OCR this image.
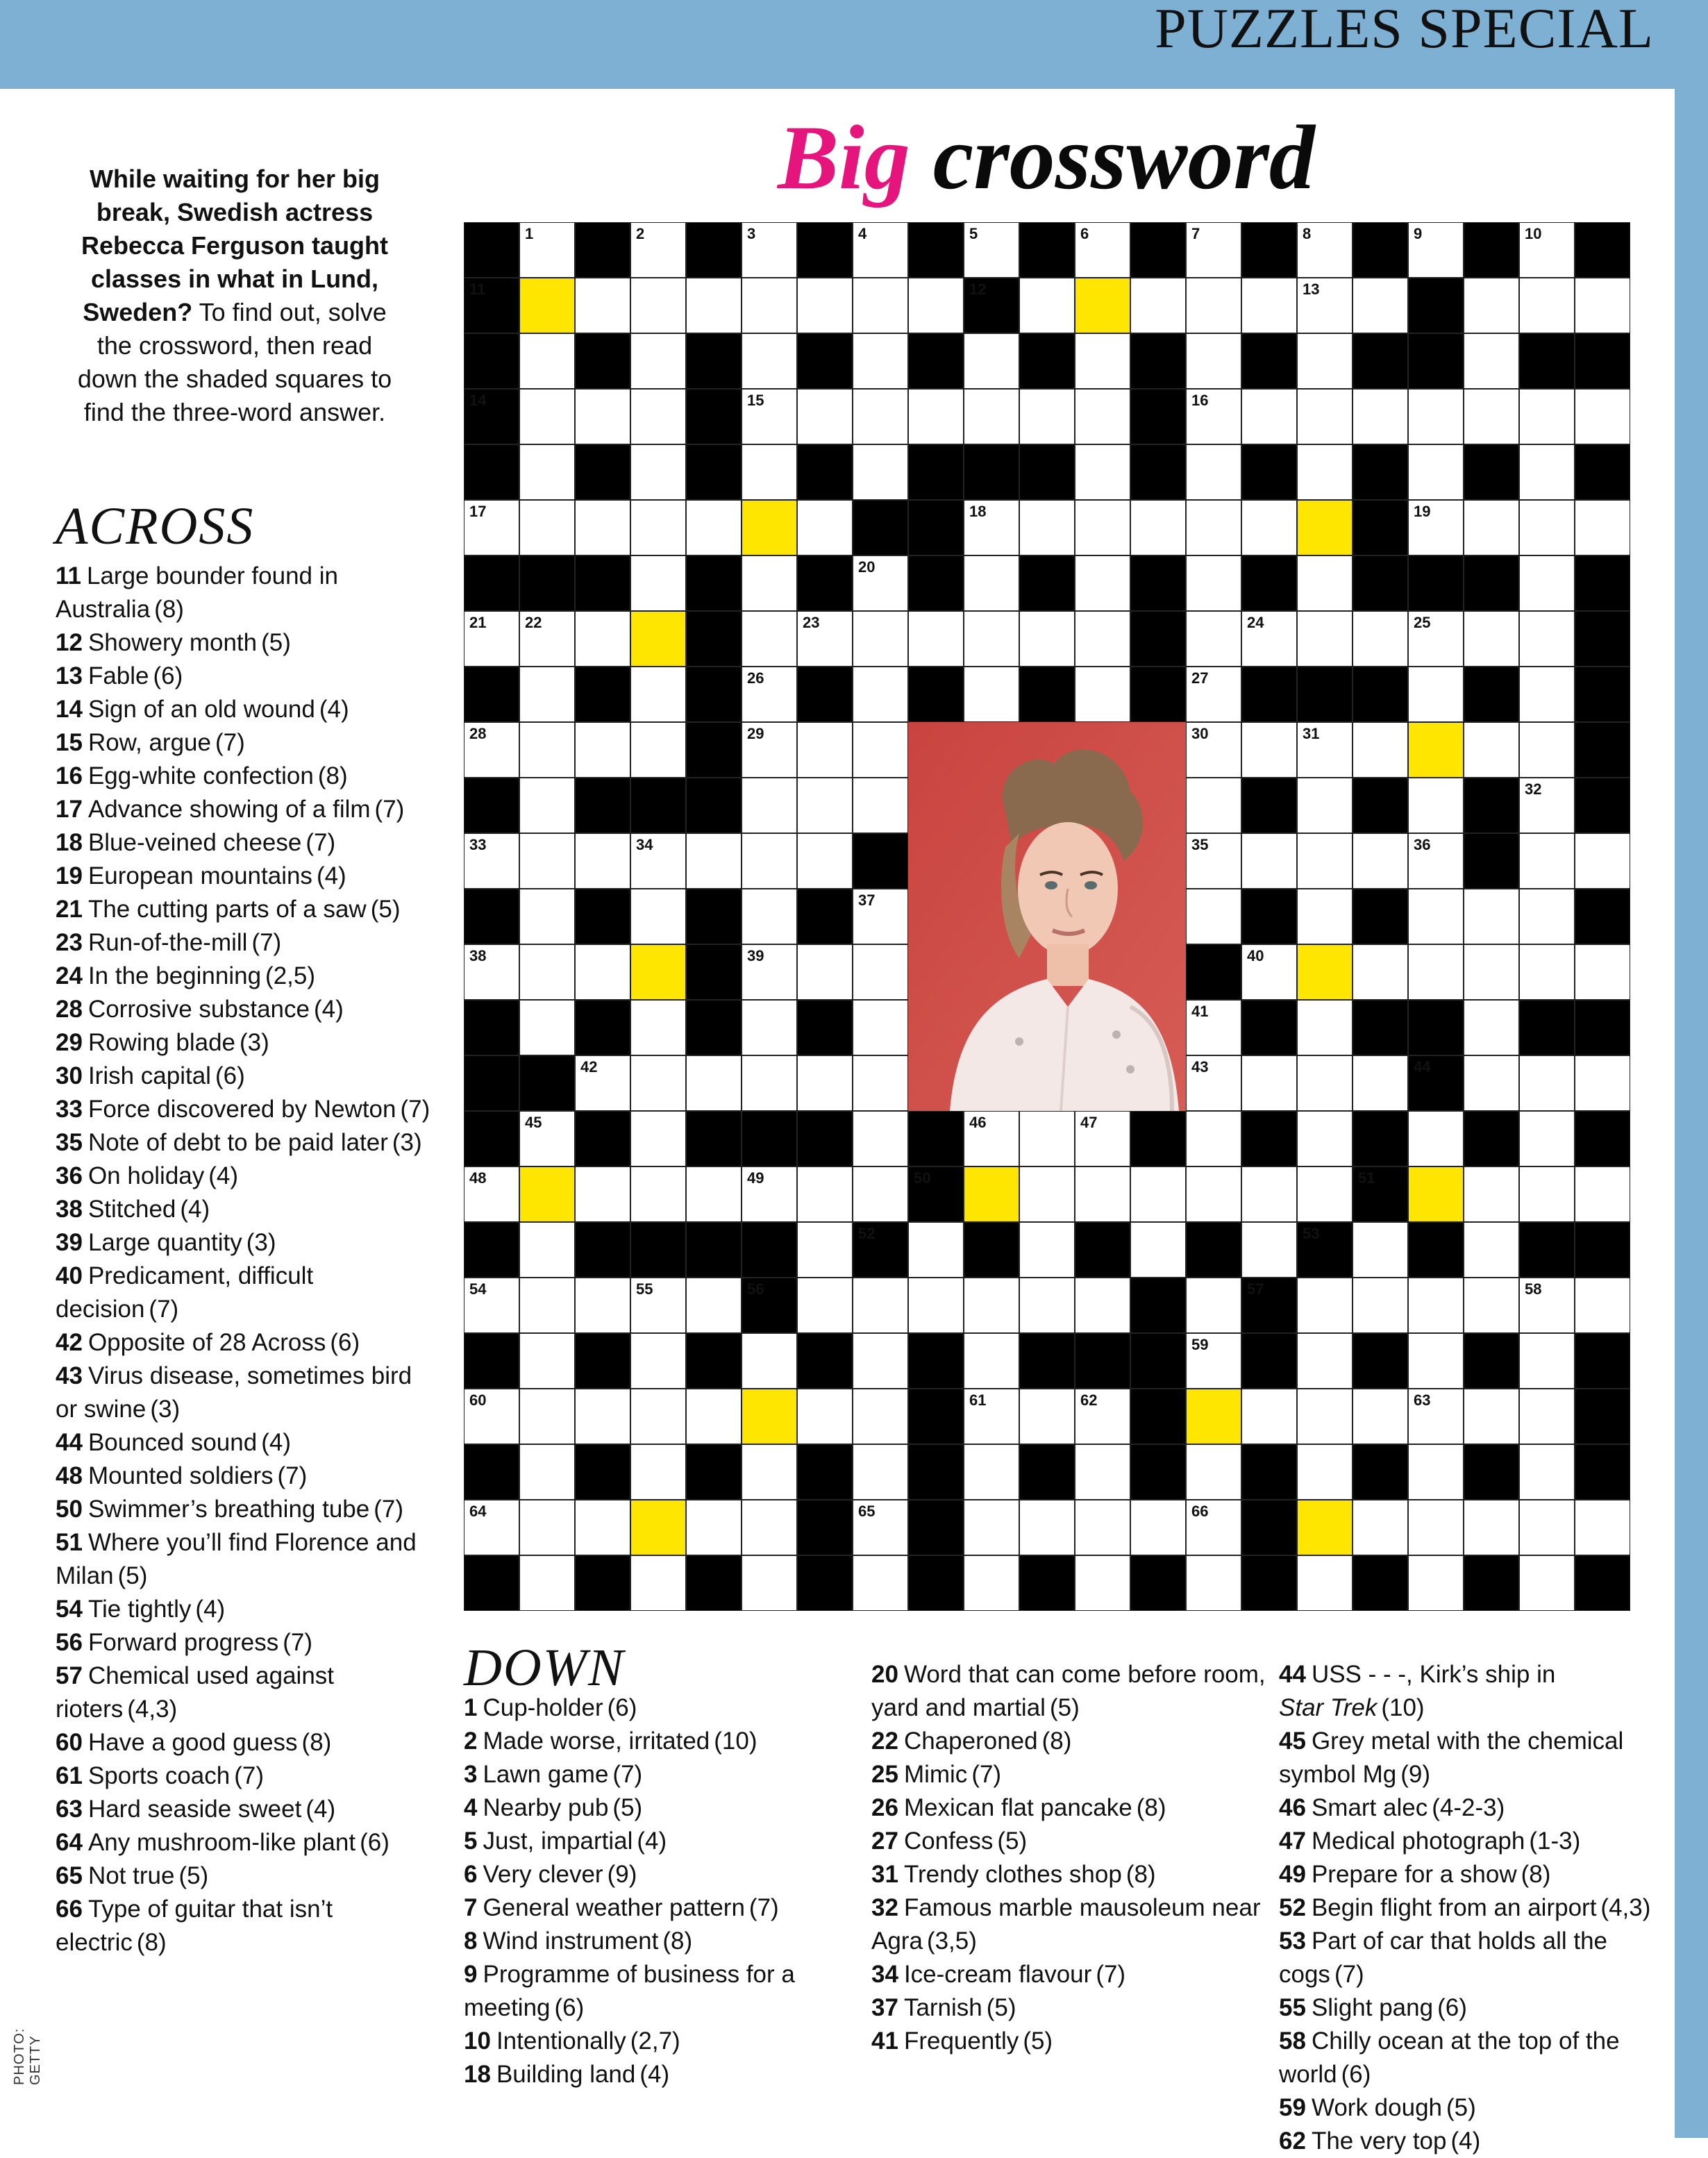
PUZZLES SPECIAL
Big crossword

While waiting for her big break, Swedish actress Rebecca Ferguson taught classes in what in Lund, Sweden? To find out, solve the crossword, then read down the shaded squares to find the three-word answer.

ACROSS
11 Large bounder found in Australia (8)
12 Showery month (5)
13 Fable (6)
14 Sign of an old wound (4)
15 Row, argue (7)
16 Egg-white confection (8)
17 Advance showing of a film (7)
18 Blue-veined cheese (7)
19 European mountains (4)
21 The cutting parts of a saw (5)
23 Run-of-the-mill (7)
24 In the beginning (2,5)
28 Corrosive substance (4)
29 Rowing blade (3)
30 Irish capital (6)
33 Force discovered by Newton (7)
35 Note of debt to be paid later (3)
36 On holiday (4)
38 Stitched (4)
39 Large quantity (3)
40 Predicament, difficult decision (7)
42 Opposite of 28 Across (6)
43 Virus disease, sometimes bird or swine (3)
44 Bounced sound (4)
48 Mounted soldiers (7)
50 Swimmer’s breathing tube (7)
51 Where you’ll find Florence and Milan (5)
54 Tie tightly (4)
56 Forward progress (7)
57 Chemical used against rioters (4,3)
60 Have a good guess (8)
61 Sports coach (7)
63 Hard seaside sweet (4)
64 Any mushroom-like plant (6)
65 Not true (5)
66 Type of guitar that isn’t electric (8)
DOWN
1 Cup-holder (6)
2 Made worse, irritated (10)
3 Lawn game (7)
4 Nearby pub (5)
5 Just, impartial (4)
6 Very clever (9)
7 General weather pattern (7)
8 Wind instrument (8)
9 Programme of business for a meeting (6)
10 Intentionally (2,7)
18 Building land (4)
20 Word that can come before room, yard and martial (5)
22 Chaperoned (8)
25 Mimic (7)
26 Mexican flat pancake (8)
27 Confess (5)
31 Trendy clothes shop (8)
32 Famous marble mausoleum near Agra (3,5)
34 Ice-cream flavour (7)
37 Tarnish (5)
41 Frequently (5)
44 USS - - -, Kirk’s ship in
Star Trek (10)
45 Grey metal with the chemical symbol Mg (9)
46 Smart alec (4-2-3)
47 Medical photograph (1-3)
49 Prepare for a show (8)
52 Begin flight from an airport (4,3)
53 Part of car that holds all the cogs (7)
55 Slight pang (6)
58 Chilly ocean at the top of the world (6)
59 Work dough (5)
62 The very top (4)
PHOTO: GETTY
1	2	3	4	5	6	7	8	9	10
11	12	13
14	15	16
17	18	19
20
21	22	23	24	25
26	27
28	29	30	31
32
33	34	35	36
37
38	39	40
41
42	43	44
45	46	47
48	49	50	51
52	53
54	55	56	57	58
59
60	61	62	63
64	65	66
